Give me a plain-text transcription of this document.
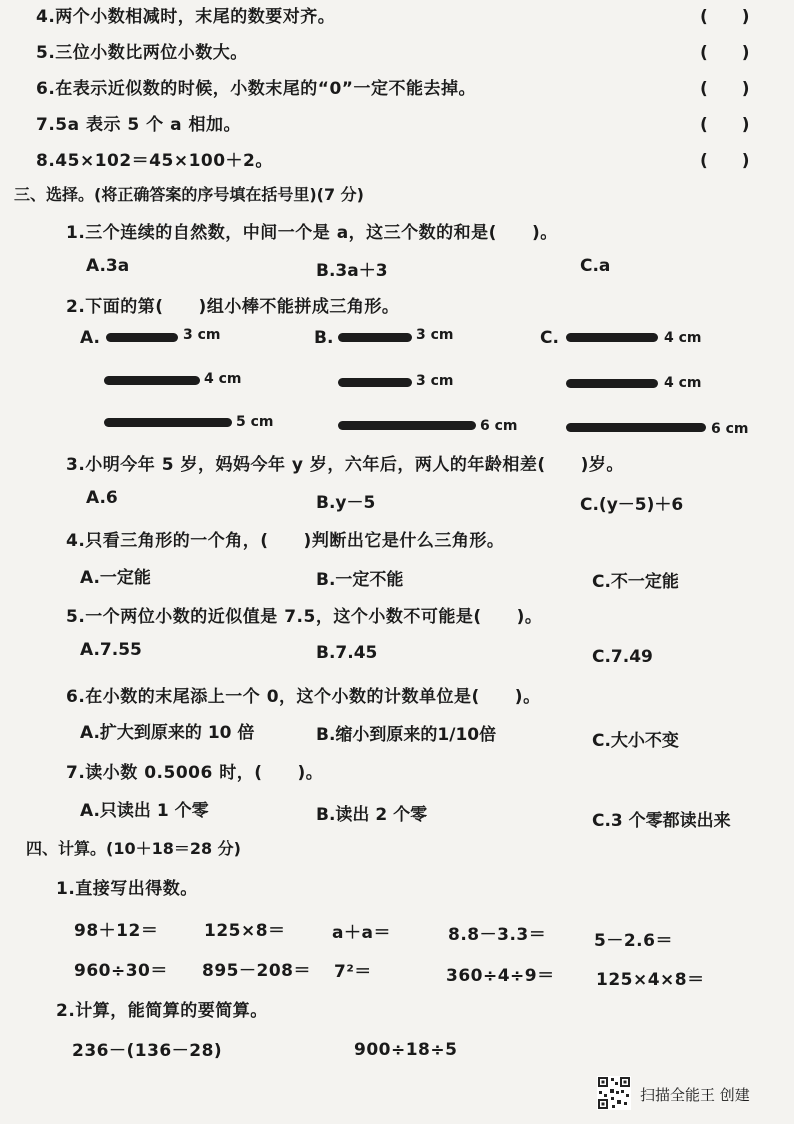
4.两个小数相减时，末尾的数要对齐。	(　　)
5.三位小数比两位小数大。	(　　)
6.在表示近似数的时候，小数末尾的“0”一定不能去掉。	(　　)
7.5a 表示 5 个 a 相加。	(　　)
8.45×102＝45×100＋2。	(　　)
三、选择。(将正确答案的序号填在括号里)(7 分)
1.三个连续的自然数，中间一个是 a，这三个数的和是(　　)。
A.3a	B.3a＋3	C.a
2.下面的第(　　)组小棒不能拼成三角形。
A.	3 cm
4 cm
5 cm
B.	3 cm
3 cm
6 cm
C.	4 cm
4 cm
6 cm
3.小明今年 5 岁，妈妈今年 y 岁，六年后，两人的年龄相差(　　)岁。
A.6	B.y－5	C.(y－5)＋6
4.只看三角形的一个角，(　　)判断出它是什么三角形。
A.一定能	B.一定不能	C.不一定能
5.一个两位小数的近似值是 7.5，这个小数不可能是(　　)。
A.7.55	B.7.45	C.7.49
6.在小数的末尾添上一个 0，这个小数的计数单位是(　　)。
A.扩大到原来的 10 倍	B.缩小到原来的1/10倍	C.大小不变
7.读小数 0.5006 时，(　　)。
A.只读出 1 个零	B.读出 2 个零	C.3 个零都读出来
四、计算。(10＋18＝28 分)
1.直接写出得数。
98＋12＝	125×8＝	a＋a＝	8.8－3.3＝	5－2.6＝
960÷30＝ 895－208＝ 7²＝	360÷4÷9＝ 125×4×8＝
2.计算，能简算的要简算。
236－(136－28)	900÷18÷5
扫描全能王 创建
